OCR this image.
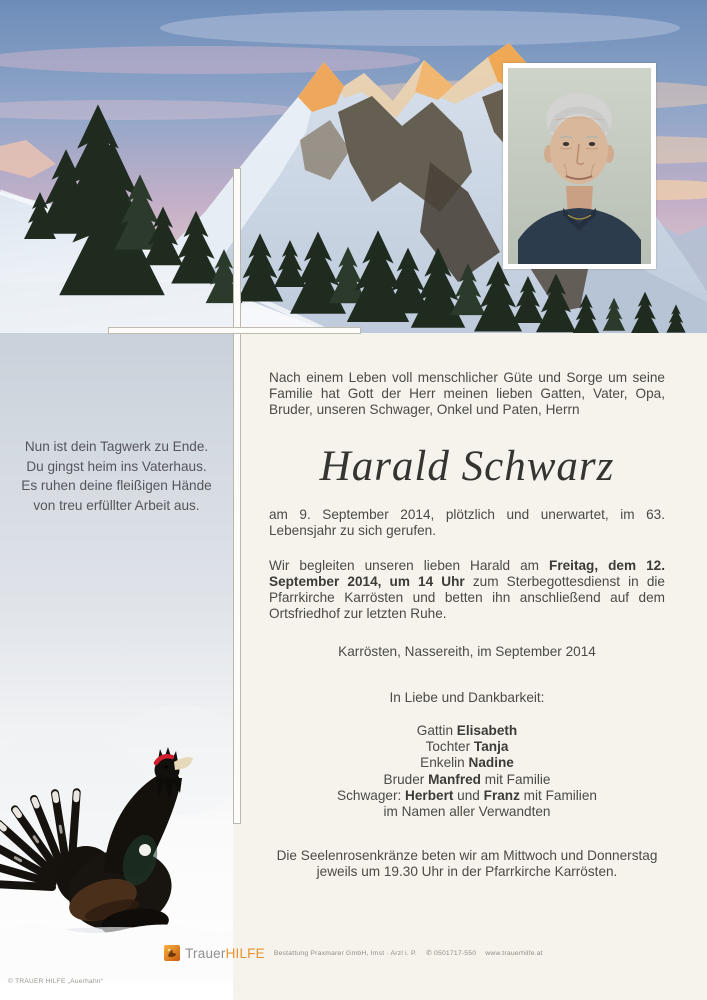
Nun ist dein Tagwerk zu Ende.
Du gingst heim ins Vaterhaus.
Es ruhen deine fleißigen Hände
von treu erfüllter Arbeit aus.
Nach einem Leben voll menschlicher Güte und Sorge um seine Familie hat Gott der Herr meinen lieben Gatten, Vater, Opa, Bruder, unseren Schwager, Onkel und Paten, Herrn
Harald Schwarz
am 9. September 2014, plötzlich und unerwartet, im 63. Lebensjahr zu sich gerufen.
Wir begleiten unseren lieben Harald am Freitag, dem 12. September 2014, um 14 Uhr zum Sterbegottesdienst in die Pfarrkirche Karrösten und betten ihn anschließend auf dem Ortsfriedhof zur letzten Ruhe.
Karrösten, Nassereith, im September 2014
In Liebe und Dankbarkeit:
Gattin Elisabeth
Tochter Tanja
Enkelin Nadine
Bruder Manfred mit Familie
Schwager: Herbert und Franz mit Familien
im Namen aller Verwandten
Die Seelenrosenkränze beten wir am Mittwoch und Donnerstag jeweils um 19.30 Uhr in der Pfarrkirche Karrösten.
TrauerHILFE Bestattung Praxmarer GmbH, Imst · Arzl i. P. ✆ 0501717-550 www.trauerhilfe.at
© TRAUER HILFE „Auerhahn“
